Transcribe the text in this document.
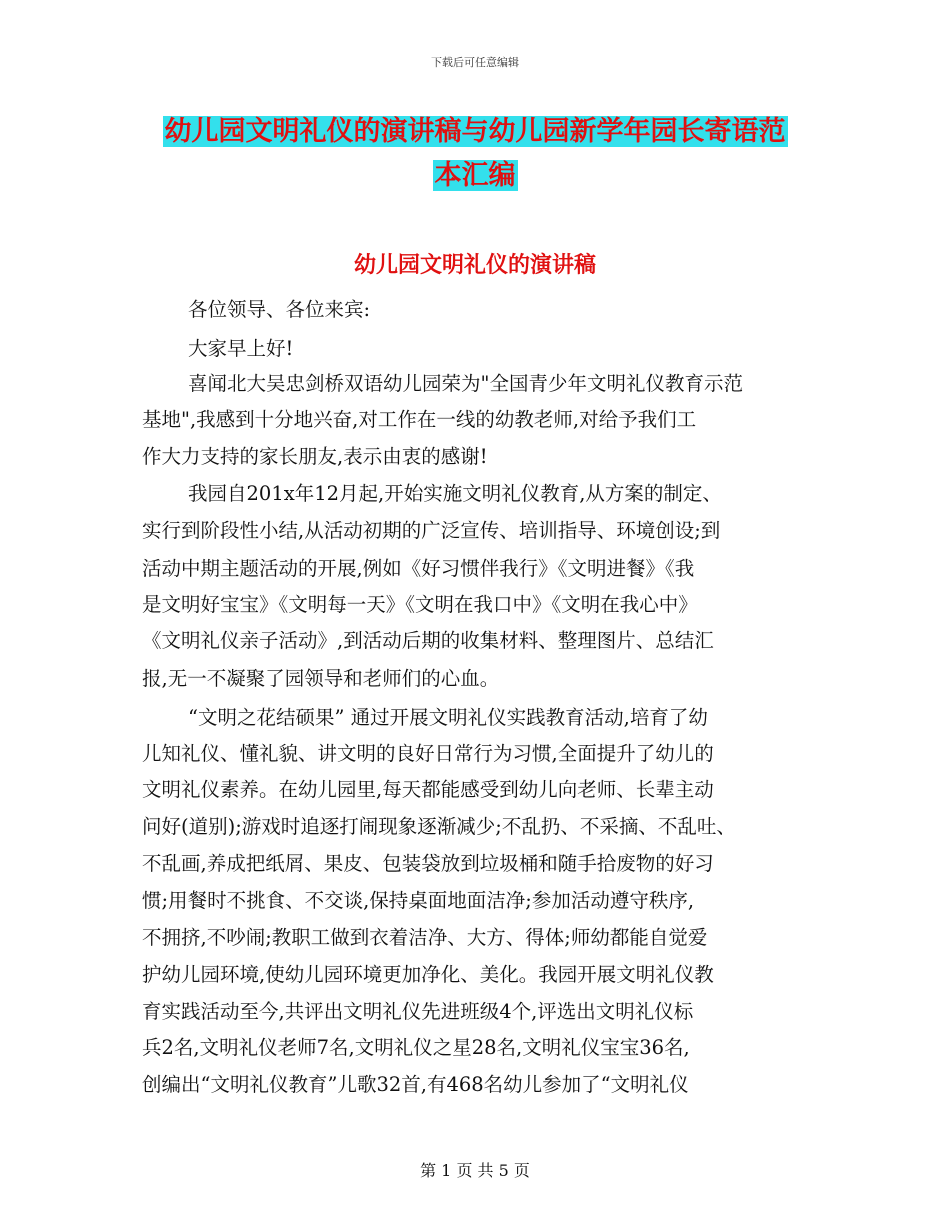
下载后可任意编辑
幼儿园文明礼仪的演讲稿与幼儿园新学年园长寄语范
本汇编
幼儿园文明礼仪的演讲稿
各位领导、各位来宾:
大家早上好!
喜闻北大吴忠剑桥双语幼儿园荣为"全国青少年文明礼仪教育示范
基地",我感到十分地兴奋,对工作在一线的幼教老师,对给予我们工
作大力支持的家长朋友,表示由衷的感谢!
我园自201x年12月起,开始实施文明礼仪教育,从方案的制定、
实行到阶段性小结,从活动初期的广泛宣传、培训指导、环境创设;到
活动中期主题活动的开展,例如《好习惯伴我行》《文明进餐》《我
是文明好宝宝》《文明每一天》《文明在我口中》《文明在我心中》
《文明礼仪亲子活动》,到活动后期的收集材料、整理图片、总结汇
报,无一不凝聚了园领导和老师们的心血。
“文明之花结硕果” 通过开展文明礼仪实践教育活动,培育了幼
儿知礼仪、懂礼貌、讲文明的良好日常行为习惯,全面提升了幼儿的
文明礼仪素养。在幼儿园里,每天都能感受到幼儿向老师、长辈主动
问好(道别);游戏时追逐打闹现象逐渐减少;不乱扔、不采摘、不乱吐、
不乱画,养成把纸屑、果皮、包装袋放到垃圾桶和随手拾废物的好习
惯;用餐时不挑食、不交谈,保持桌面地面洁净;参加活动遵守秩序,
不拥挤,不吵闹;教职工做到衣着洁净、大方、得体;师幼都能自觉爱
护幼儿园环境,使幼儿园环境更加净化、美化。我园开展文明礼仪教
育实践活动至今,共评出文明礼仪先进班级4个,评选出文明礼仪标
兵2名,文明礼仪老师7名,文明礼仪之星28名,文明礼仪宝宝36名,
创编出“文明礼仪教育”儿歌32首,有468名幼儿参加了“文明礼仪
第 1 页 共 5 页
